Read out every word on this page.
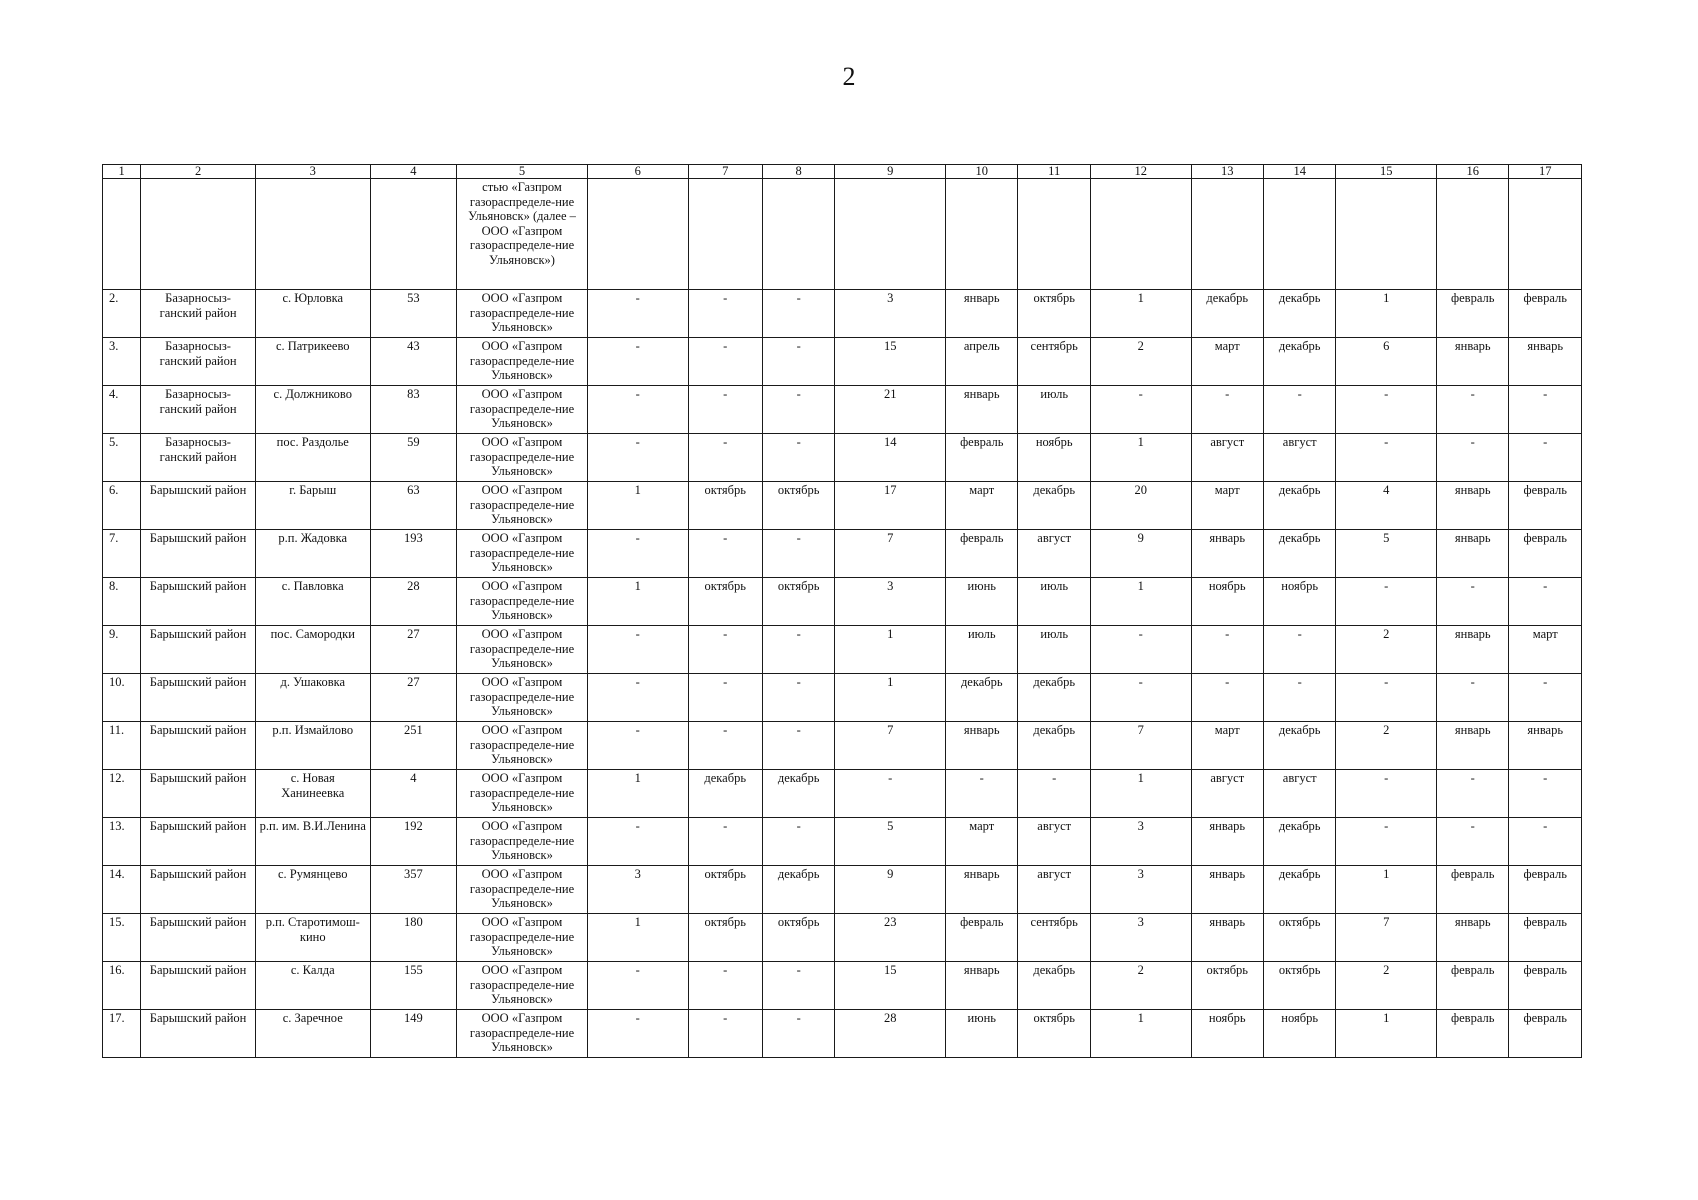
2
1	2	3	4	5	6	7	8	9	10	11	12	13	14	15	16	17
				стью «Газпром газораспределе-ние Ульяновск» (далее – ООО «Газпром газораспределе-ние Ульяновск»)												
2.	Базарносыз-ганский район	с. Юрловка	53	ООО «Газпром газораспределе-ние Ульяновск»	-	-	-	3	январь	октябрь	1	декабрь	декабрь	1	февраль	февраль
3.	Базарносыз-ганский район	с. Патрикеево	43	ООО «Газпром газораспределе-ние Ульяновск»	-	-	-	15	апрель	сентябрь	2	март	декабрь	6	январь	январь
4.	Базарносыз-ганский район	с. Должниково	83	ООО «Газпром газораспределе-ние Ульяновск»	-	-	-	21	январь	июль	-	-	-	-	-	-
5.	Базарносыз-ганский район	пос. Раздолье	59	ООО «Газпром газораспределе-ние Ульяновск»	-	-	-	14	февраль	ноябрь	1	август	август	-	-	-
6.	Барышский район	г. Барыш	63	ООО «Газпром газораспределе-ние Ульяновск»	1	октябрь	октябрь	17	март	декабрь	20	март	декабрь	4	январь	февраль
7.	Барышский район	р.п. Жадовка	193	ООО «Газпром газораспределе-ние Ульяновск»	-	-	-	7	февраль	август	9	январь	декабрь	5	январь	февраль
8.	Барышский район	с. Павловка	28	ООО «Газпром газораспределе-ние Ульяновск»	1	октябрь	октябрь	3	июнь	июль	1	ноябрь	ноябрь	-	-	-
9.	Барышский район	пос. Самородки	27	ООО «Газпром газораспределе-ние Ульяновск»	-	-	-	1	июль	июль	-	-	-	2	январь	март
10.	Барышский район	д. Ушаковка	27	ООО «Газпром газораспределе-ние Ульяновск»	-	-	-	1	декабрь	декабрь	-	-	-	-	-	-
11.	Барышский район	р.п. Измайлово	251	ООО «Газпром газораспределе-ние Ульяновск»	-	-	-	7	январь	декабрь	7	март	декабрь	2	январь	январь
12.	Барышский район	с. Новая Ханинеевка	4	ООО «Газпром газораспределе-ние Ульяновск»	1	декабрь	декабрь	-	-	-	1	август	август	-	-	-
13.	Барышский район	р.п. им. В.И.Ленина	192	ООО «Газпром газораспределе-ние Ульяновск»	-	-	-	5	март	август	3	январь	декабрь	-	-	-
14.	Барышский район	с. Румянцево	357	ООО «Газпром газораспределе-ние Ульяновск»	3	октябрь	декабрь	9	январь	август	3	январь	декабрь	1	февраль	февраль
15.	Барышский район	р.п. Старотимош-кино	180	ООО «Газпром газораспределе-ние Ульяновск»	1	октябрь	октябрь	23	февраль	сентябрь	3	январь	октябрь	7	январь	февраль
16.	Барышский район	с. Калда	155	ООО «Газпром газораспределе-ние Ульяновск»	-	-	-	15	январь	декабрь	2	октябрь	октябрь	2	февраль	февраль
17.	Барышский район	с. Заречное	149	ООО «Газпром газораспределе-ние Ульяновск»	-	-	-	28	июнь	октябрь	1	ноябрь	ноябрь	1	февраль	февраль
